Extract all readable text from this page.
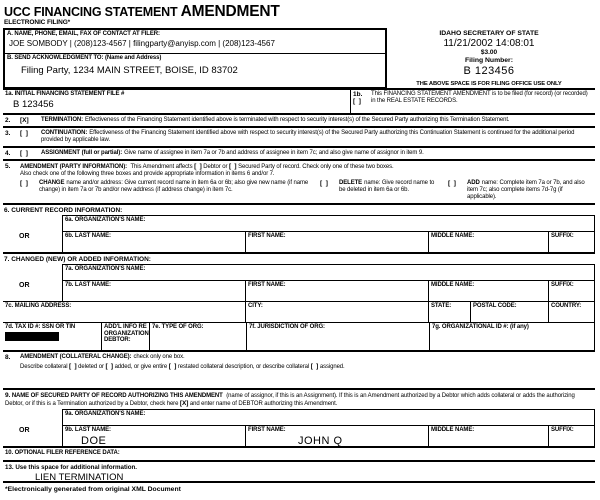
UCC FINANCING STATEMENT AMENDMENT
ELECTRONIC FILING*
A. NAME, PHONE, EMAIL, FAX OF CONTACT AT FILER:
JOE SOMBODY | (208)123-4567 | filingparty@anyisp.com | (208)123-4567
B. SEND ACKNOWLEDGMENT TO: (Name and Address)
Filing Party, 1234 MAIN STREET, BOISE, ID 83702
IDAHO SECRETARY OF STATE
11/21/2002 14:08:01
$3.00
Filing Number:
B 123456
THE ABOVE SPACE IS FOR FILING OFFICE USE ONLY
1a. INITIAL FINANCING STATEMENT FILE #
B 123456
1b.
[  ]
This FINANCING STATEMENT AMENDMENT is to be filed (for record) (or recorded) in the REAL ESTATE RECORDS.
2.	[X]	TERMINATION: Effectiveness of the Financing Statement identified above is terminated with respect to security interest(s) of the Secured Party authorizing this Termination Statement.
3.	[  ]	CONTINUATION: Effectiveness of the Financing Statement identified above with respect to security interest(s) of the Secured Party authorizing this Continuation Statement is continued for the additional period provided by applicable law.
4.	[  ]	ASSIGNMENT (full or partial): Give name of assignee in item 7a or 7b and address of assignee in item 7c; and also give name of assignor in item 9.
5.	AMENDMENT (PARTY INFORMATION): This Amendment affects [  ] Debtor or [  ] Secured Party of record. Check only one of these two boxes.
Also check one of the following three boxes and provide appropriate information in items 6 and/or 7.
[  ]	CHANGE name and/or address: Give current record name in item 6a or 6b; also give new name (if name change) in item 7a or 7b and/or new address (if address change) in item 7c.
[  ]	DELETE name: Give record name to be deleted in item 6a or 6b.
[  ]	ADD name: Complete item 7a or 7b, and also item 7c; also complete items 7d-7g (if applicable).
6. CURRENT RECORD INFORMATION:
6a. ORGANIZATION'S NAME:
OR	6b. LAST NAME:	FIRST NAME:	MIDDLE NAME:	SUFFIX:
7. CHANGED (NEW) OR ADDED INFORMATION:
7a. ORGANIZATION'S NAME:
OR	7b. LAST NAME:	FIRST NAME:	MIDDLE NAME:	SUFFIX:
7c. MAILING ADDRESS:	CITY:	STATE:	POSTAL CODE:	COUNTRY:
7d. TAX ID #: SSN OR TIN	ADD'L INFO RE ORGANIZATION DEBTOR:
7e. TYPE OF ORG:	7f. JURISDICTION OF ORG:	7g. ORGANIZATIONAL ID #: (if any)
8.	AMENDMENT (COLLATERAL CHANGE): check only one box.
Describe collateral [  ] deleted or [  ] added, or give entire [  ] restated collateral description, or describe collateral [  ] assigned.
9. NAME OF SECURED PARTY OF RECORD AUTHORIZING THIS AMENDMENT (name of assignor, if this is an Assignment). If this is an Amendment authorized by a Debtor which adds collateral or adds the authorizing Debtor, or if this is a Termination authorized by a Debtor, check here [X] and enter name of DEBTOR authorizing this Amendment.
9a. ORGANIZATION'S NAME:
OR	9b. LAST NAME:
DOE
FIRST NAME:
JOHN Q
MIDDLE NAME:	SUFFIX:
10. OPTIONAL FILER REFERENCE DATA:
13. Use this space for additional information.
LIEN TERMINATION
*Electronically generated from original XML Document
